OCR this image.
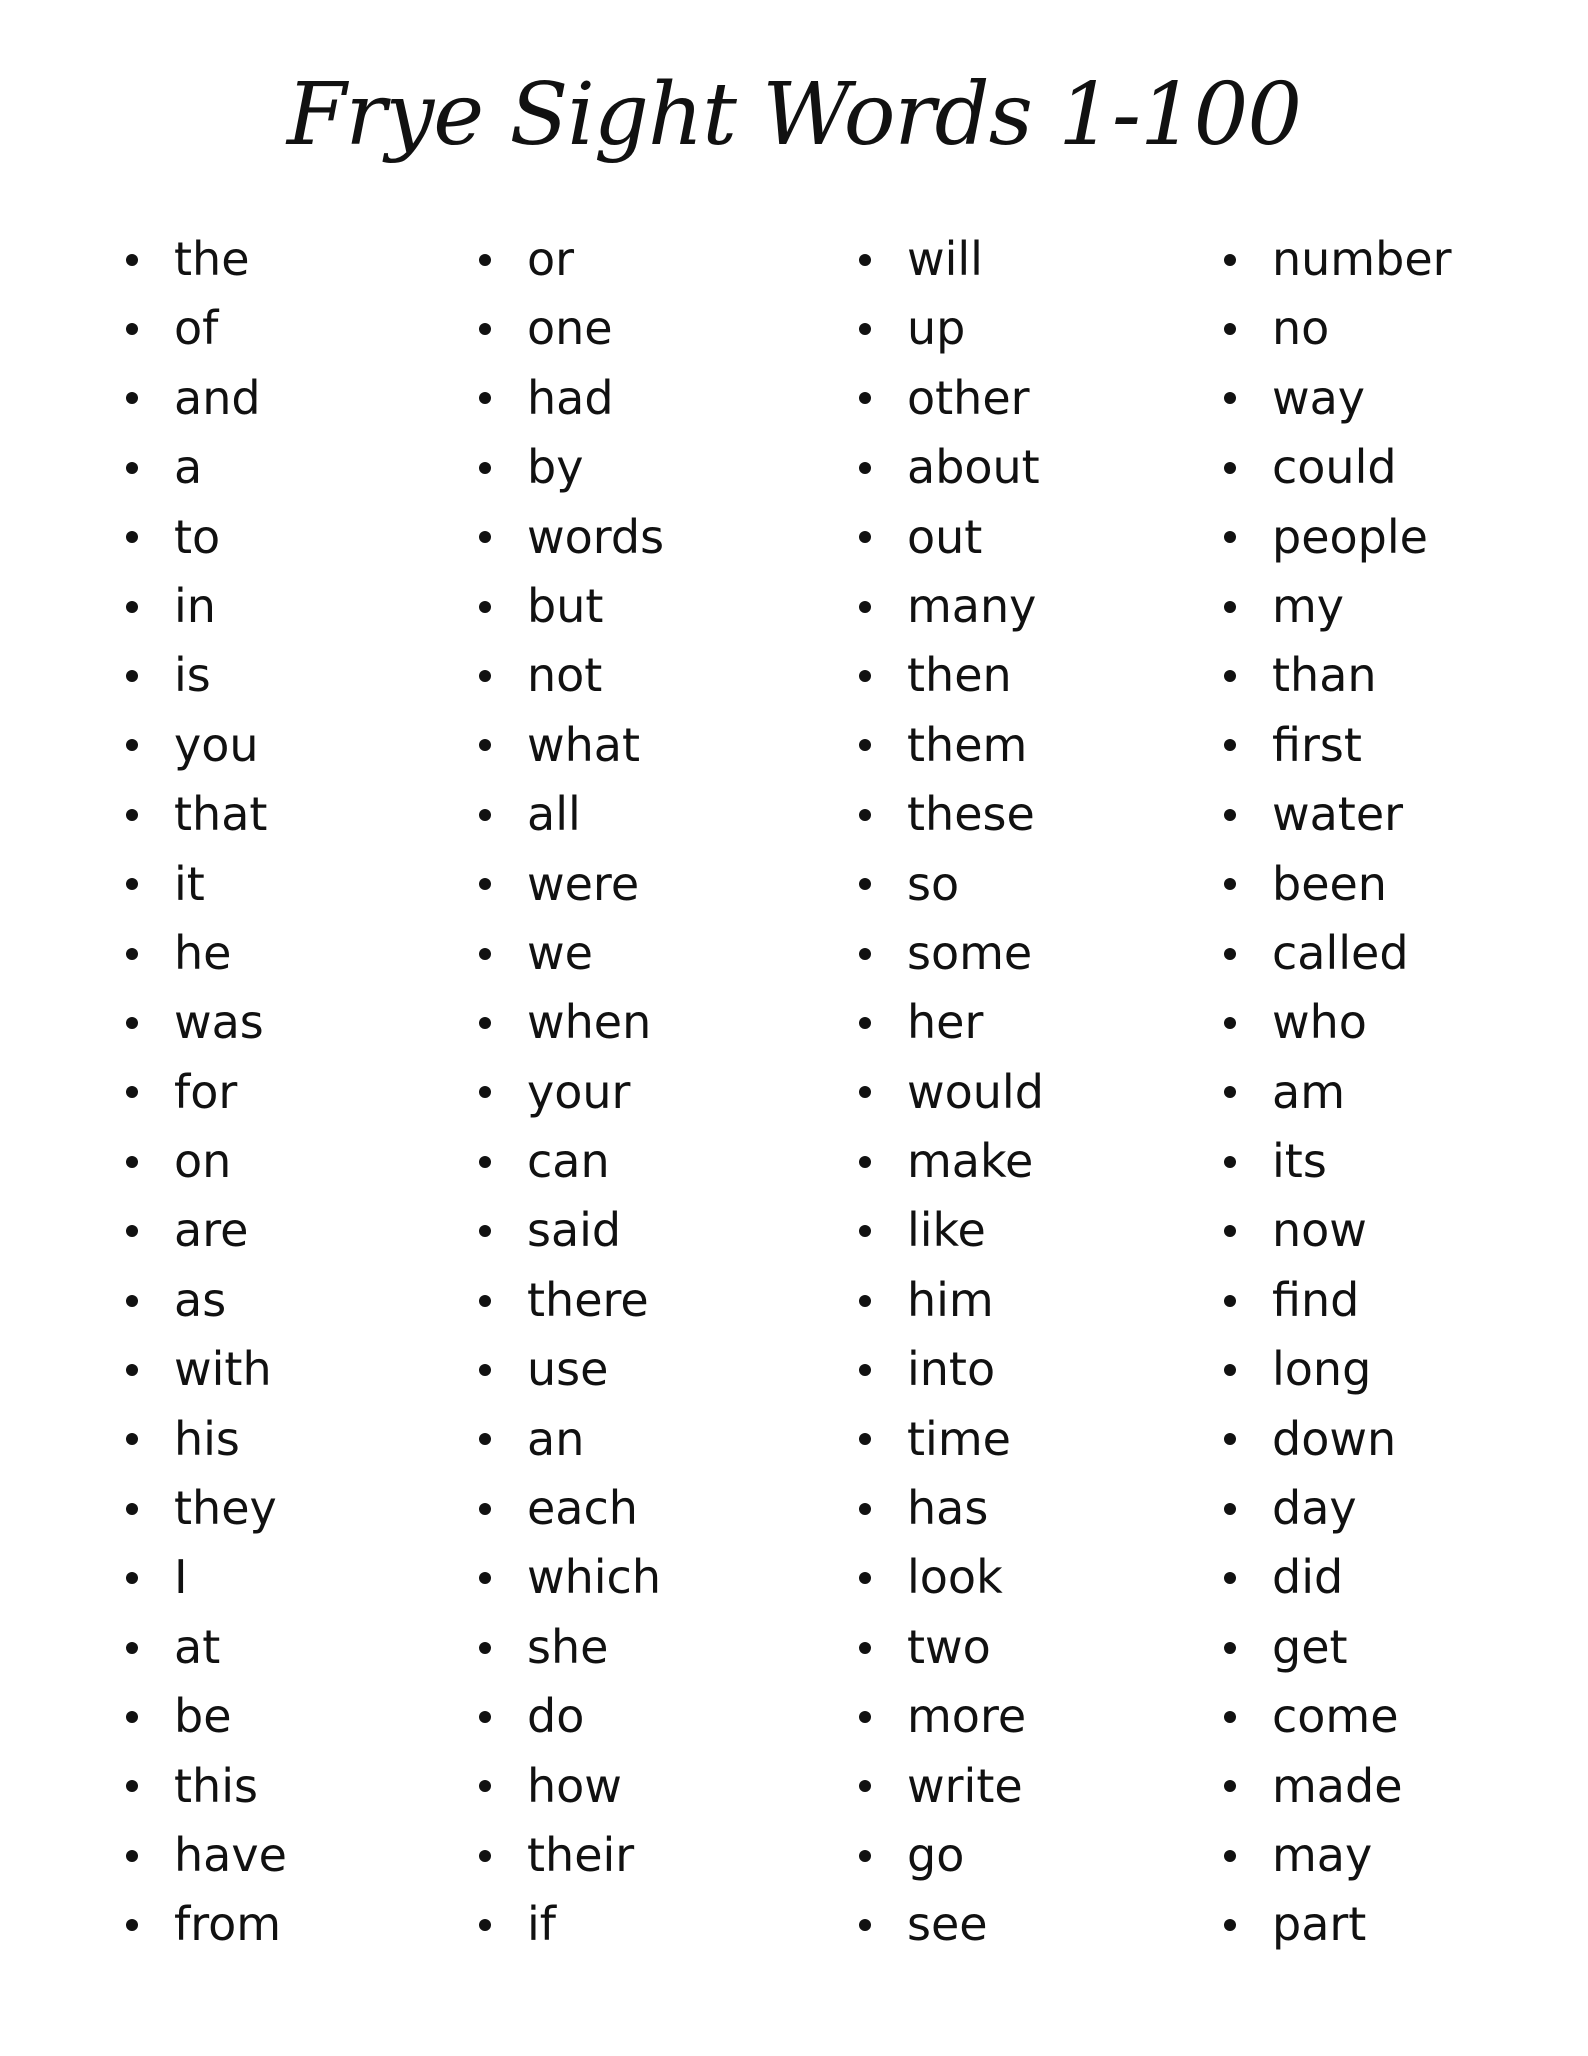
Frye Sight Words 1-100
the
of
and
a
to
in
is
you
that
it
he
was
for
on
are
as
with
his
they
I
at
be
this
have
from
or
one
had
by
words
but
not
what
all
were
we
when
your
can
said
there
use
an
each
which
she
do
how
their
if
will
up
other
about
out
many
then
them
these
so
some
her
would
make
like
him
into
time
has
look
two
more
write
go
see
number
no
way
could
people
my
than
first
water
been
called
who
am
its
now
find
long
down
day
did
get
come
made
may
part
